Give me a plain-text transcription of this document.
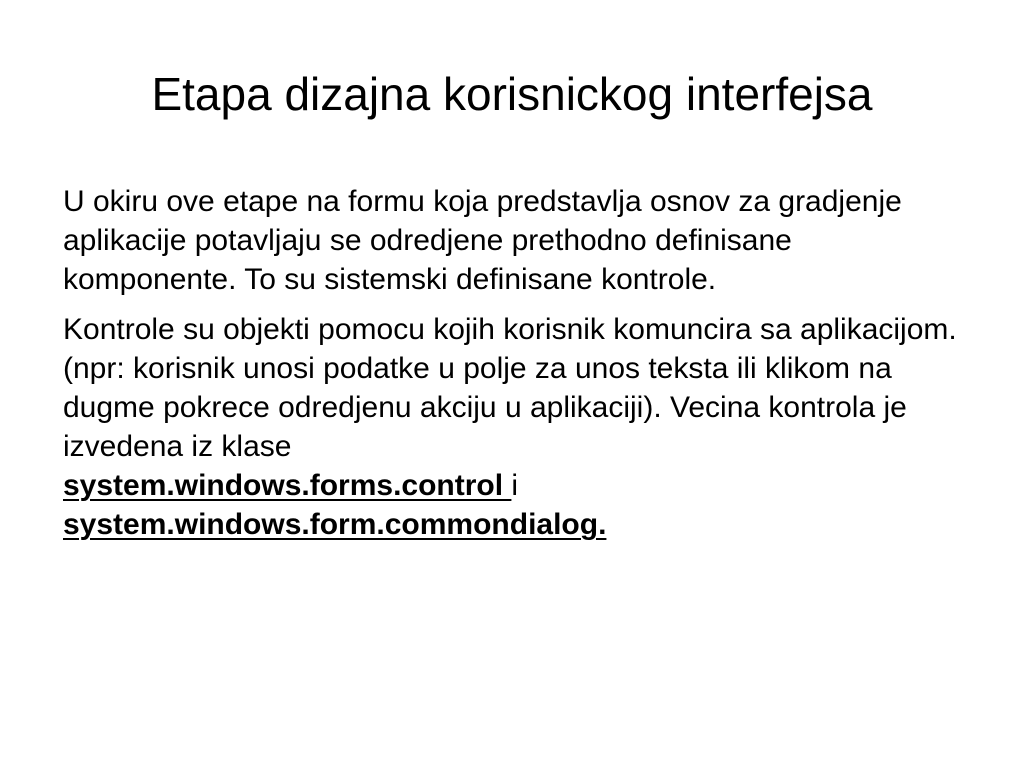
Etapa dizajna korisnickog interfejsa

U okiru ove etape na formu koja predstavlja osnov za gradjenje aplikacije potavljaju se odredjene prethodno definisane komponente. To su sistemski definisane kontrole.

Kontrole su objekti pomocu kojih korisnik komuncira sa aplikacijom.(npr: korisnik unosi podatke u polje za unos teksta ili klikom na dugme pokrece odredjenu akciju u aplikaciji). Vecina kontrola je izvedena iz klase
system.windows.forms.control i
system.windows.form.commondialog.
